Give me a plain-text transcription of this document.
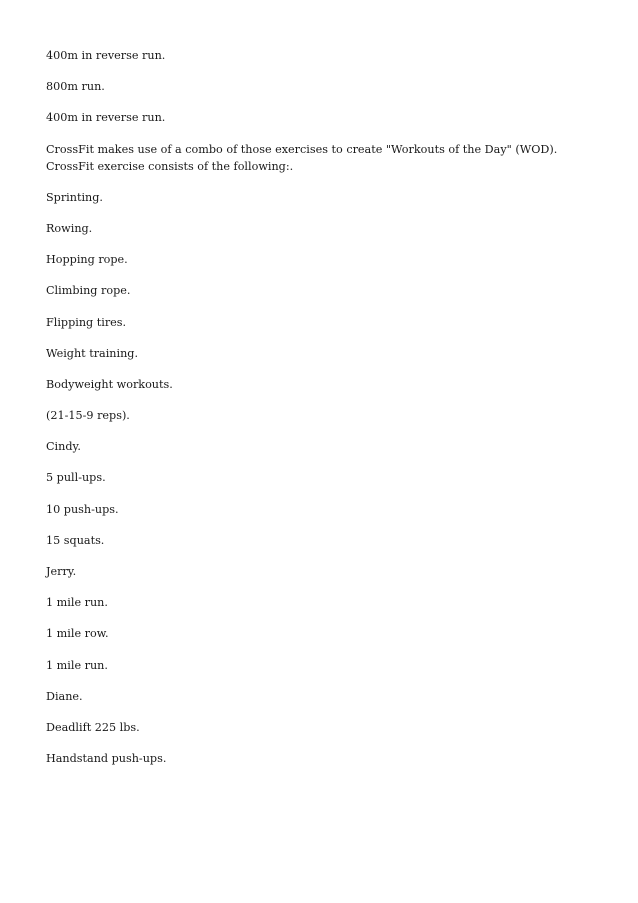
400m in reverse run.

800m run.

400m in reverse run.

CrossFit makes use of a combo of those exercises to create "Workouts of the Day" (WOD). CrossFit exercise consists of the following:.

Sprinting.

Rowing.

Hopping rope.

Climbing rope.

Flipping tires.

Weight training.

Bodyweight workouts.

(21-15-9 reps).

Cindy.

5 pull-ups.

10 push-ups.

15 squats.

Jerry.

1 mile run.

1 mile row.

1 mile run.

Diane.

Deadlift 225 lbs.

Handstand push-ups.
